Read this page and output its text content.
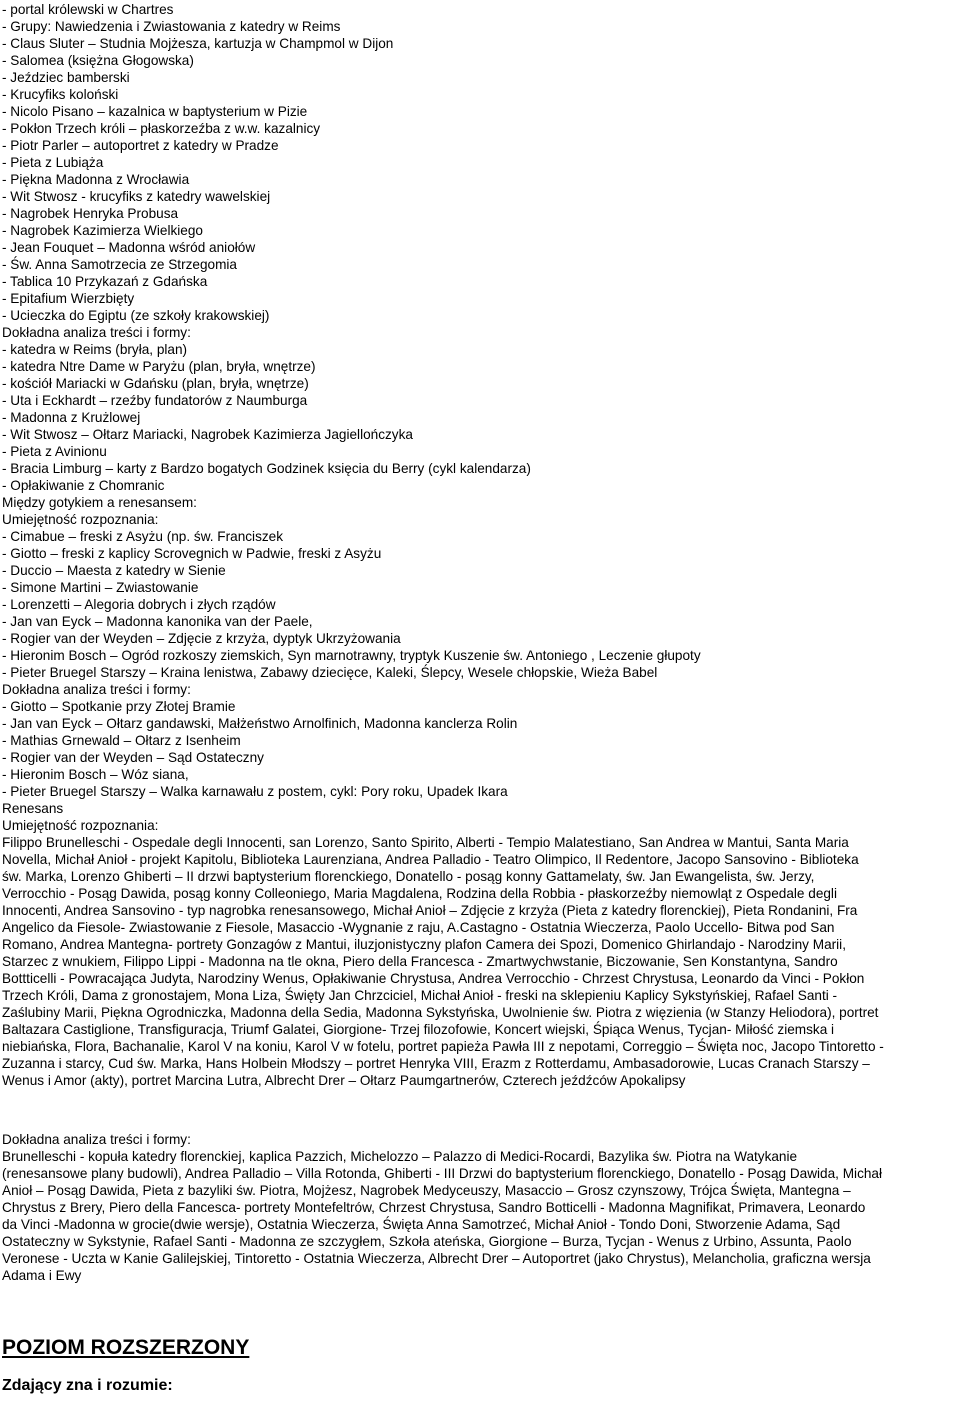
- portal królewski w Chartres

- Grupy: Nawiedzenia i Zwiastowania z katedry w Reims

- Claus Sluter – Studnia Mojżesza, kartuzja w Champmol w Dijon

- Salomea (księżna Głogowska)

- Jeździec bamberski

- Krucyfiks koloński

- Nicolo Pisano – kazalnica w baptysterium w Pizie

- Pokłon Trzech króli – płaskorzeźba z w.w. kazalnicy

- Piotr Parler – autoportret z katedry w Pradze

- Pieta z Lubiąża

- Piękna Madonna z Wrocławia

- Wit Stwosz - krucyfiks z katedry wawelskiej

- Nagrobek Henryka Probusa

- Nagrobek Kazimierza Wielkiego

- Jean Fouquet – Madonna wśród aniołów

- Św. Anna Samotrzecia ze Strzegomia

- Tablica 10 Przykazań z Gdańska

- Epitafium Wierzbięty

- Ucieczka do Egiptu (ze szkoły krakowskiej)

Dokładna analiza treści i formy:

- katedra w Reims (bryła, plan)

- katedra Ntre Dame w Paryżu (plan, bryła, wnętrze)

- kościół Mariacki w Gdańsku (plan, bryła, wnętrze)

- Uta i Eckhardt – rzeźby fundatorów z Naumburga

- Madonna z Krużlowej

- Wit Stwosz – Ołtarz Mariacki, Nagrobek Kazimierza Jagiellończyka

- Pieta z Avinionu

- Bracia Limburg – karty z Bardzo bogatych Godzinek księcia du Berry (cykl kalendarza)

- Opłakiwanie z Chomranic

Między gotykiem a renesansem:

Umiejętność rozpoznania:

- Cimabue – freski z Asyżu (np. św. Franciszek

- Giotto – freski z kaplicy Scrovegnich w Padwie, freski z Asyżu

- Duccio – Maesta z katedry w Sienie

- Simone Martini – Zwiastowanie

- Lorenzetti – Alegoria dobrych i złych rządów

- Jan van Eyck – Madonna kanonika van der Paele,

- Rogier van der Weyden – Zdjęcie z krzyża, dyptyk Ukrzyżowania

- Hieronim Bosch – Ogród rozkoszy ziemskich, Syn marnotrawny, tryptyk Kuszenie św. Antoniego , Leczenie głupoty

- Pieter Bruegel Starszy – Kraina lenistwa, Zabawy dziecięce, Kaleki, Ślepcy, Wesele chłopskie, Wieża Babel

Dokładna analiza treści i formy:

- Giotto – Spotkanie przy Złotej Bramie

- Jan van Eyck – Ołtarz gandawski, Małżeństwo Arnolfinich, Madonna kanclerza Rolin

- Mathias Grnewald – Ołtarz z Isenheim

- Rogier van der Weyden – Sąd Ostateczny

- Hieronim Bosch – Wóz siana,

- Pieter Bruegel Starszy – Walka karnawału z postem, cykl: Pory roku, Upadek Ikara

Renesans

Umiejętność rozpoznania:

Filippo Brunelleschi - Ospedale degli Innocenti, san Lorenzo, Santo Spirito, Alberti - Tempio Malatestiano, San Andrea w Mantui, Santa Maria

Novella, Michał Anioł - projekt Kapitolu, Biblioteka Laurenziana, Andrea Palladio - Teatro Olimpico, Il Redentore, Jacopo Sansovino - Biblioteka

św. Marka, Lorenzo Ghiberti – II drzwi baptysterium florenckiego, Donatello - posąg konny Gattamelaty, św. Jan Ewangelista, św. Jerzy,

Verrocchio - Posąg Dawida, posąg konny Colleoniego, Maria Magdalena, Rodzina della Robbia - płaskorzeźby niemowląt z Ospedale degli

Innocenti, Andrea Sansovino - typ nagrobka renesansowego, Michał Anioł – Zdjęcie z krzyża (Pieta z katedry florenckiej), Pieta Rondanini, Fra

Angelico da Fiesole- Zwiastowanie z Fiesole, Masaccio -Wygnanie z raju, A.Castagno - Ostatnia Wieczerza, Paolo Uccello- Bitwa pod San

Romano, Andrea Mantegna- portrety Gonzagów z Mantui, iluzjonistyczny plafon Camera dei Spozi, Domenico Ghirlandajo - Narodziny Marii,

Starzec z wnukiem, Filippo Lippi - Madonna na tle okna, Piero della Francesca - Zmartwychwstanie, Biczowanie, Sen Konstantyna, Sandro

Bottticelli - Powracająca Judyta, Narodziny Wenus, Opłakiwanie Chrystusa, Andrea Verrocchio - Chrzest Chrystusa, Leonardo da Vinci - Pokłon

Trzech Króli, Dama z gronostajem, Mona Liza, Święty Jan Chrzciciel, Michał Anioł - freski na sklepieniu Kaplicy Sykstyńskiej, Rafael Santi -

Zaślubiny Marii, Piękna Ogrodniczka, Madonna della Sedia, Madonna Sykstyńska, Uwolnienie św. Piotra z więzienia (w Stanzy Heliodora), portret

Baltazara Castiglione, Transfiguracja, Triumf Galatei, Giorgione- Trzej filozofowie, Koncert wiejski, Śpiąca Wenus, Tycjan- Miłość ziemska i

niebiańska, Flora, Bachanalie, Karol V na koniu, Karol V w fotelu, portret papieża Pawła III z nepotami, Correggio – Święta noc, Jacopo Tintoretto -

Zuzanna i starcy, Cud św. Marka, Hans Holbein Młodszy – portret Henryka VIII, Erazm z Rotterdamu, Ambasadorowie, Lucas Cranach Starszy –

Wenus i Amor (akty), portret Marcina Lutra, Albrecht Drer – Ołtarz Paumgartnerów, Czterech jeźdźców Apokalipsy

Dokładna analiza treści i formy:

Brunelleschi - kopuła katedry florenckiej, kaplica Pazzich, Michelozzo – Palazzo di Medici-Rocardi, Bazylika św. Piotra na Watykanie

(renesansowe plany budowli), Andrea Palladio – Villa Rotonda, Ghiberti - III Drzwi do baptysterium florenckiego, Donatello - Posąg Dawida, Michał

Anioł – Posąg Dawida, Pieta z bazyliki św. Piotra, Mojżesz, Nagrobek Medyceuszy, Masaccio – Grosz czynszowy, Trójca Święta, Mantegna –

Chrystus z Brery, Piero della Fancesca- portrety Montefeltrów, Chrzest Chrystusa, Sandro Botticelli - Madonna Magnifikat, Primavera, Leonardo

da Vinci -Madonna w grocie(dwie wersje), Ostatnia Wieczerza, Święta Anna Samotrzeć, Michał Anioł - Tondo Doni, Stworzenie Adama, Sąd

Ostateczny w Sykstynie, Rafael Santi - Madonna ze szczygłem, Szkoła ateńska, Giorgione – Burza, Tycjan - Wenus z Urbino, Assunta, Paolo

Veronese - Uczta w Kanie Galilejskiej, Tintoretto - Ostatnia Wieczerza, Albrecht Drer – Autoportret (jako Chrystus), Melancholia, graficzna wersja

Adama i Ewy

POZIOM ROZSZERZONY

Zdający zna i rozumie:
